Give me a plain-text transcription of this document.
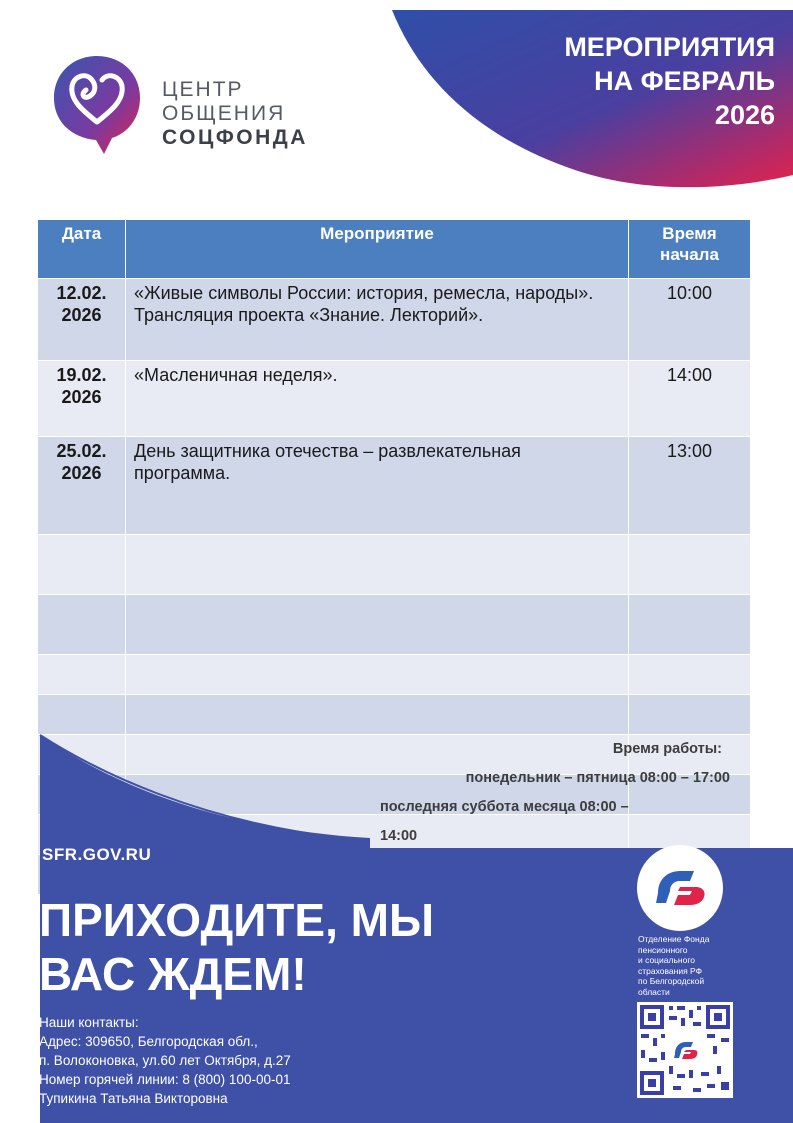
МЕРОПРИЯТИЯ
НА ФЕВРАЛЬ
2026
ЦЕНТР
ОБЩЕНИЯ
СОЦФОНДА
Дата	Мероприятие	Время
начала
12.02.
2026	«Живые символы России: история, ремесла, народы». Трансляция проекта «Знание. Лекторий».	10:00
19.02.
2026	«Масленичная неделя».	14:00
25.02.
2026	День защитника отечества – развлекательная программа.	13:00

Время работы:
понедельник – пятница 08:00 – 17:00
последняя суббота месяца 08:00 –
14:00
SFR.GOV.RU
ПРИХОДИТЕ, МЫ
ВАС ЖДЕМ!
Наши контакты:
Адрес: 309650, Белгородская обл.,
п. Волоконовка, ул.60 лет Октября, д.27
Номер горячей линии: 8 (800) 100-00-01
Тупикина Татьяна Викторовна
Отделение Фонда
пенсионного
и социального
страхования РФ
по Белгородской
области
